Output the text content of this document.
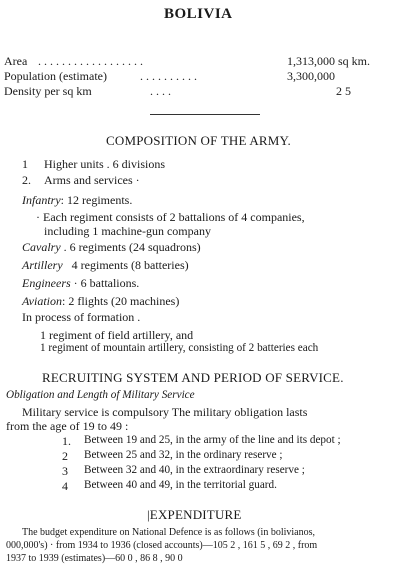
BOLIVIA
Area . . . . . . . . . . . . . . . . . .	1,313,000 sq km.
Population (estimate)	. . . . . . . . . .	3,300,000
Density per sq km	. . . .	2 5
COMPOSITION OF THE ARMY.
1 Higher units . 6 divisions
2. Arms and services ·
Infantry: 12 regiments.
· Each regiment consists of 2 battalions of 4 companies,
including 1 machine-gun company
Cavalry . 6 regiments (24 squadrons)
Artillery 4 regiments (8 batteries)
Engineers · 6 battalions.
Aviation: 2 flights (20 machines)
In process of formation .
1 regiment of field artillery, and
1 regiment of mountain artillery, consisting of 2 batteries each
RECRUITING SYSTEM AND PERIOD OF SERVICE.
Obligation and Length of Military Service
Military service is compulsory The military obligation lasts
from the age of 19 to 49 :
1. Between 19 and 25, in the army of the line and its depot ;
2 Between 25 and 32, in the ordinary reserve ;
3 Between 32 and 40, in the extraordinary reserve ;
4 Between 40 and 49, in the territorial guard.
|EXPENDITURE
The budget expenditure on National Defence is as follows (in bolivianos,
000,000's) · from 1934 to 1936 (closed accounts)—105 2 , 161 5 , 69 2 , from
1937 to 1939 (estimates)—60 0 , 86 8 , 90 0
